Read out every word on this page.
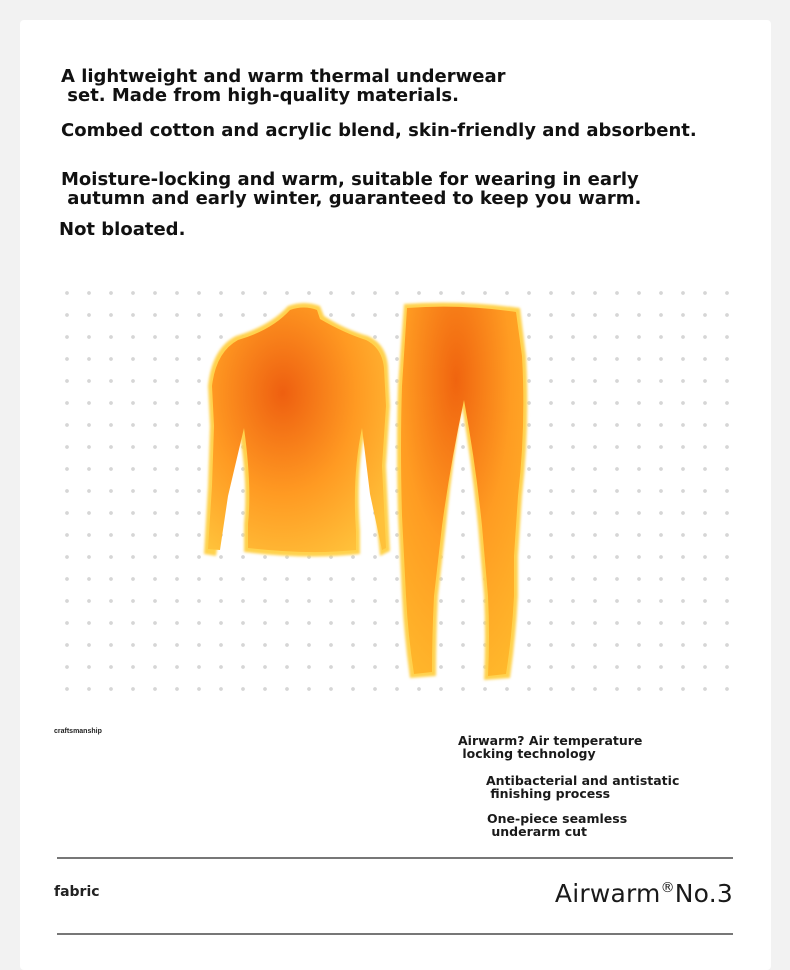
A lightweight and warm thermal underwear
set. Made from high-quality materials.

Combed cotton and acrylic blend, skin-friendly and absorbent.

Moisture-locking and warm, suitable for wearing in early
autumn and early winter, guaranteed to keep you warm.

Not bloated.

craftsmanship

Airwarm? Air temperature
locking technology

Antibacterial and antistatic
finishing process

One-piece seamless
underarm cut

fabric	Airwarm®No.3
